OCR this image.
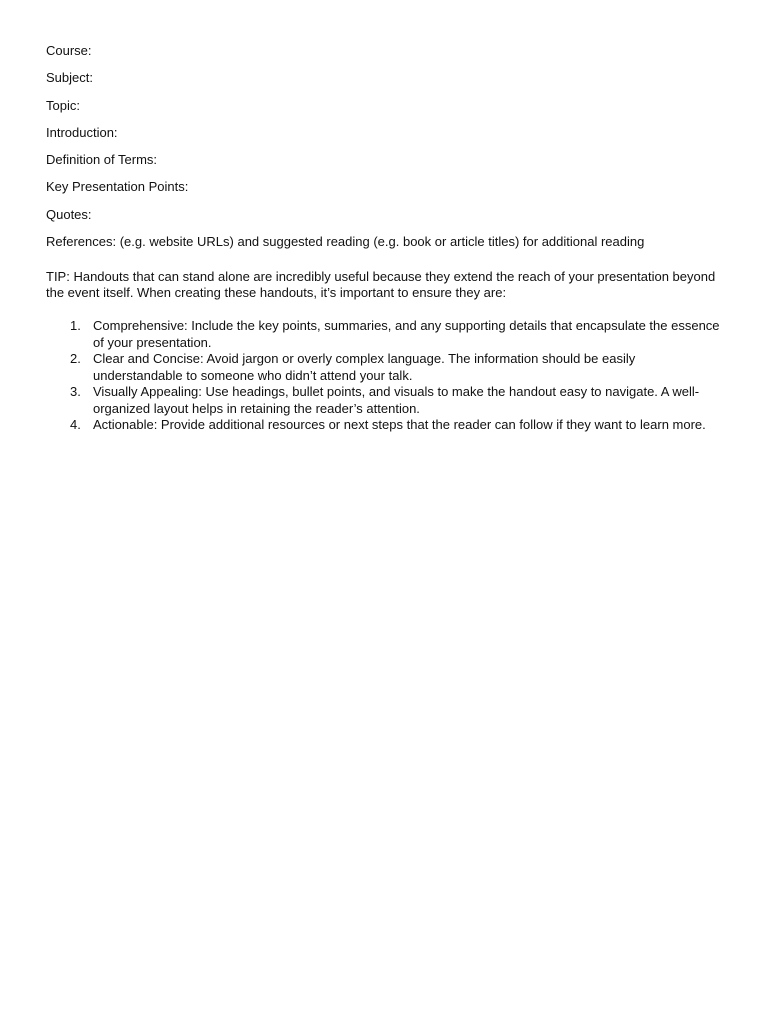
Course:
Subject:
Topic:
Introduction:
Definition of Terms:
Key Presentation Points:
Quotes:
References: (e.g. website URLs) and suggested reading (e.g. book or article titles) for additional reading
TIP: Handouts that can stand alone are incredibly useful because they extend the reach of your presentation beyond the event itself. When creating these handouts, it’s important to ensure they are:
1. Comprehensive: Include the key points, summaries, and any supporting details that encapsulate the essence of your presentation.
2. Clear and Concise: Avoid jargon or overly complex language. The information should be easily understandable to someone who didn’t attend your talk.
3. Visually Appealing: Use headings, bullet points, and visuals to make the handout easy to navigate. A well-organized layout helps in retaining the reader’s attention.
4. Actionable: Provide additional resources or next steps that the reader can follow if they want to learn more.
